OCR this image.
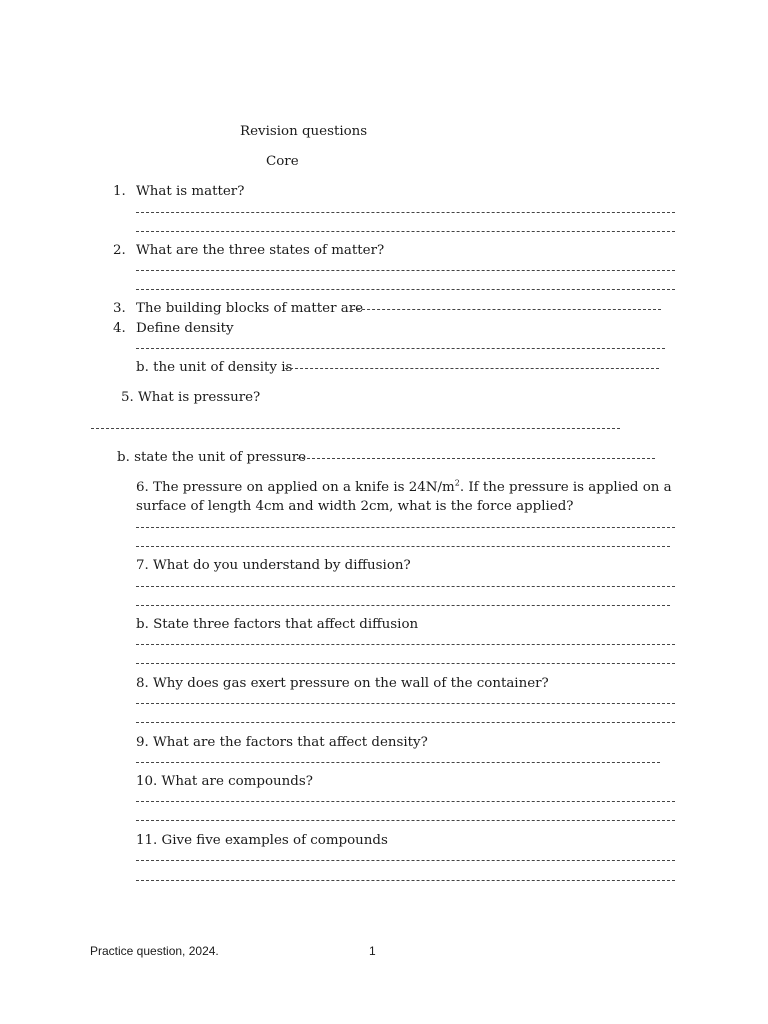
Revision questions
Core
1. What is matter?
2. What are the three states of matter?
3. The building blocks of matter are
4. Define density
b. the unit of density is
5. What is pressure?
b. state the unit of pressure
6. The pressure on applied on a knife is $24N/m^2$. If the pressure is applied on a
surface of length 4cm and width 2cm, what is the force applied?
7. What do you understand by diffusion?
b. State three factors that affect diffusion
8. Why does gas exert pressure on the wall of the container?
9. What are the factors that affect density?
10. What are compounds?
11. Give five examples of compounds
Practice question, 2024.	1
